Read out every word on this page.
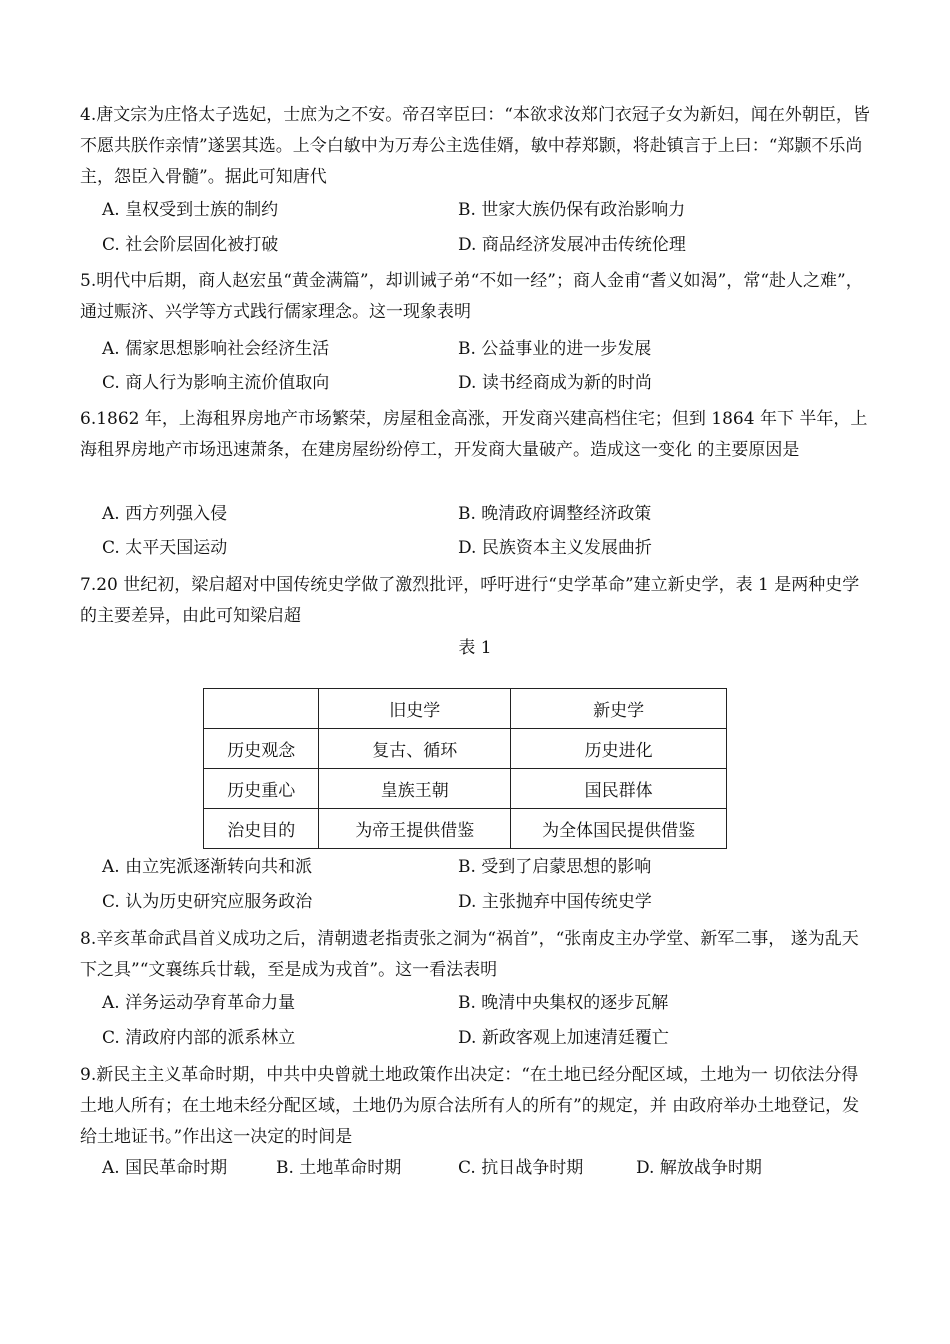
4.唐文宗为庄恪太子选妃，士庶为之不安。帝召宰臣曰：“本欲求汝郑门衣冠子女为新妇，闻在外朝臣，皆不愿共朕作亲情”遂罢其选。上令白敏中为万寿公主选佳婿，敏中荐郑颢，将赴镇言于上曰：“郑颢不乐尚主，怨臣入骨髓”。据此可知唐代
A. 皇权受到士族的制约	B. 世家大族仍保有政治影响力
C. 社会阶层固化被打破	D. 商品经济发展冲击传统伦理
5.明代中后期，商人赵宏虽“黄金满篇”，却训诫子弟“不如一经”；商人金甫“耆义如渴”，常“赴人之难”，通过赈济、兴学等方式践行儒家理念。这一现象表明
A. 儒家思想影响社会经济生活	B. 公益事业的进一步发展
C. 商人行为影响主流价值取向	D. 读书经商成为新的时尚
6.1862 年，上海租界房地产市场繁荣，房屋租金高涨，开发商兴建高档住宅；但到 1864 年下 半年，上海租界房地产市场迅速萧条，在建房屋纷纷停工，开发商大量破产。造成这一变化 的主要原因是
A. 西方列强入侵	B. 晚清政府调整经济政策
C. 太平天国运动	D. 民族资本主义发展曲折
7.20 世纪初，梁启超对中国传统史学做了激烈批评，呼吁进行“史学革命”建立新史学，表 1 是两种史学的主要差异，由此可知梁启超
表 1
	旧史学	新史学
历史观念	复古、循环	历史进化
历史重心	皇族王朝	国民群体
治史目的	为帝王提供借鉴	为全体国民提供借鉴
A. 由立宪派逐渐转向共和派	B. 受到了启蒙思想的影响
C. 认为历史研究应服务政治	D. 主张抛弃中国传统史学
8.辛亥革命武昌首义成功之后，清朝遗老指责张之洞为“祸首”，“张南皮主办学堂、新军二事， 遂为乱天下之具”“文襄练兵廿载，至是成为戎首”。这一看法表明
A. 洋务运动孕育革命力量	B. 晚清中央集权的逐步瓦解
C. 清政府内部的派系林立	D. 新政客观上加速清廷覆亡
9.新民主主义革命时期，中共中央曾就土地政策作出决定：“在土地已经分配区域，土地为一 切依法分得土地人所有；在土地未经分配区域，土地仍为原合法所有人的所有”的规定，并 由政府举办土地登记，发给土地证书。”作出这一决定的时间是
A. 国民革命时期	B. 土地革命时期	C. 抗日战争时期	D. 解放战争时期
